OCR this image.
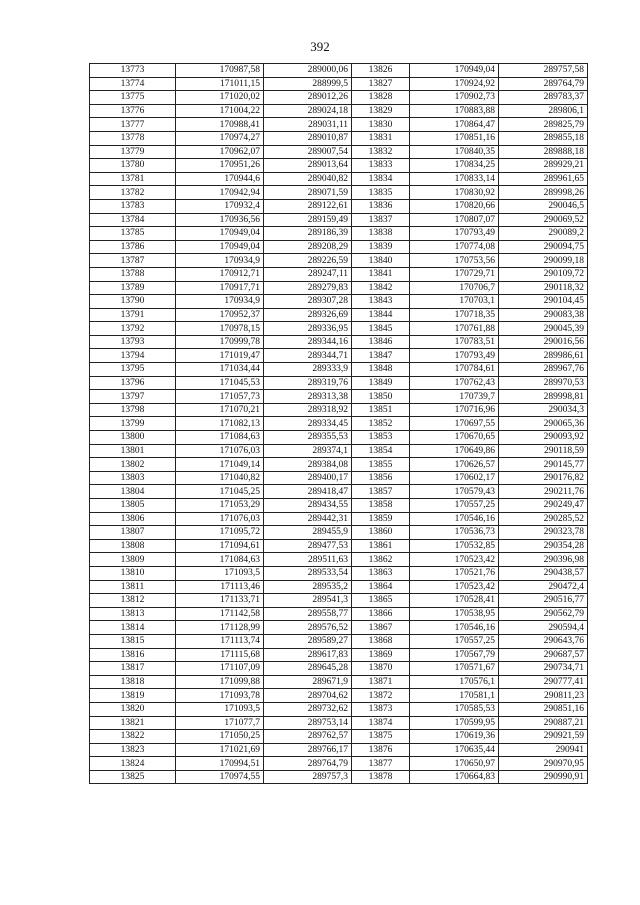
392
13773	170987,58	289000,06	13826	170949,04	289757,58
13774	171011,15	288999,5	13827	170924,92	289764,79
13775	171020,02	289012,26	13828	170902,73	289783,37
13776	171004,22	289024,18	13829	170883,88	289806,1
13777	170988,41	289031,11	13830	170864,47	289825,79
13778	170974,27	289010,87	13831	170851,16	289855,18
13779	170962,07	289007,54	13832	170840,35	289888,18
13780	170951,26	289013,64	13833	170834,25	289929,21
13781	170944,6	289040,82	13834	170833,14	289961,65
13782	170942,94	289071,59	13835	170830,92	289998,26
13783	170932,4	289122,61	13836	170820,66	290046,5
13784	170936,56	289159,49	13837	170807,07	290069,52
13785	170949,04	289186,39	13838	170793,49	290089,2
13786	170949,04	289208,29	13839	170774,08	290094,75
13787	170934,9	289226,59	13840	170753,56	290099,18
13788	170912,71	289247,11	13841	170729,71	290109,72
13789	170917,71	289279,83	13842	170706,7	290118,32
13790	170934,9	289307,28	13843	170703,1	290104,45
13791	170952,37	289326,69	13844	170718,35	290083,38
13792	170978,15	289336,95	13845	170761,88	290045,39
13793	170999,78	289344,16	13846	170783,51	290016,56
13794	171019,47	289344,71	13847	170793,49	289986,61
13795	171034,44	289333,9	13848	170784,61	289967,76
13796	171045,53	289319,76	13849	170762,43	289970,53
13797	171057,73	289313,38	13850	170739,7	289998,81
13798	171070,21	289318,92	13851	170716,96	290034,3
13799	171082,13	289334,45	13852	170697,55	290065,36
13800	171084,63	289355,53	13853	170670,65	290093,92
13801	171076,03	289374,1	13854	170649,86	290118,59
13802	171049,14	289384,08	13855	170626,57	290145,77
13803	171040,82	289400,17	13856	170602,17	290176,82
13804	171045,25	289418,47	13857	170579,43	290211,76
13805	171053,29	289434,55	13858	170557,25	290249,47
13806	171076,03	289442,31	13859	170546,16	290285,52
13807	171095,72	289455,9	13860	170536,73	290323,78
13808	171094,61	289477,53	13861	170532,85	290354,28
13809	171084,63	289511,63	13862	170523,42	290396,98
13810	171093,5	289533,54	13863	170521,76	290438,57
13811	171113,46	289535,2	13864	170523,42	290472,4
13812	171133,71	289541,3	13865	170528,41	290516,77
13813	171142,58	289558,77	13866	170538,95	290562,79
13814	171128,99	289576,52	13867	170546,16	290594,4
13815	171113,74	289589,27	13868	170557,25	290643,76
13816	171115,68	289617,83	13869	170567,79	290687,57
13817	171107,09	289645,28	13870	170571,67	290734,71
13818	171099,88	289671,9	13871	170576,1	290777,41
13819	171093,78	289704,62	13872	170581,1	290811,23
13820	171093,5	289732,62	13873	170585,53	290851,16
13821	171077,7	289753,14	13874	170599,95	290887,21
13822	171050,25	289762,57	13875	170619,36	290921,59
13823	171021,69	289766,17	13876	170635,44	290941
13824	170994,51	289764,79	13877	170650,97	290970,95
13825	170974,55	289757,3	13878	170664,83	290990,91
